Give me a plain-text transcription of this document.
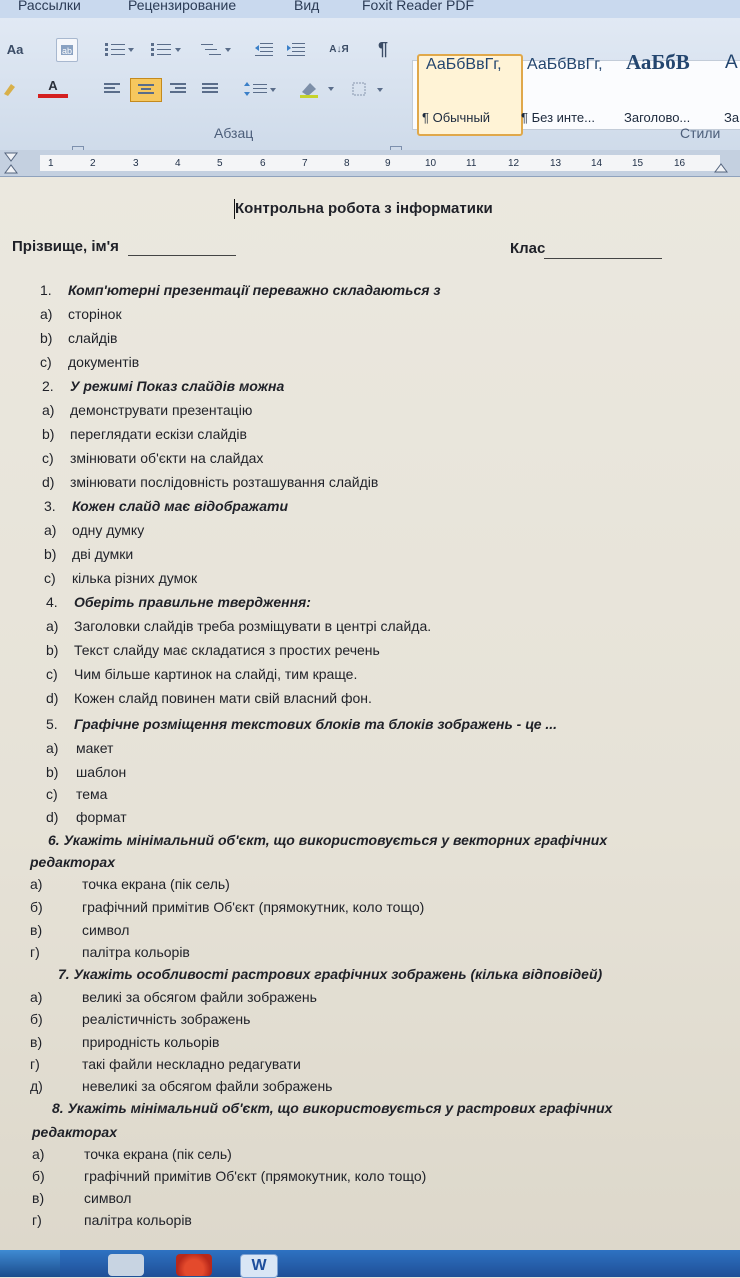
Рассылки	Рецензирование	Вид	Foxit Reader PDF
Aa	ab
A
А↓Я	¶
Абзац
АаБбВвГг,
¶ Обычный
АаБбВвГг,
¶ Без инте...
АаБбВ
Заголово...
А
За
Стили
1	2	3	4	5	6	7	8	9	10	11	12	13	14	15	16
Контрольна робота з інформатики
Прізвище, ім'я	Клас
1. Комп'ютерні презентації переважно складаються з
a) сторінок
b) слайдів
c) документів
2. У режимі Показ слайдів можна
a) демонструвати презентацію
b) переглядати ескізи слайдів
c) змінювати об'єкти на слайдах
d) змінювати послідовність розташування слайдів
3. Кожен слайд має відображати
a) одну думку
b) дві думки
c) кілька різних думок
4. Оберіть правильне твердження:
a) Заголовки слайдів треба розміщувати в центрі слайда.
b) Текст слайду має складатися з простих речень
c) Чим більше картинок на слайді, тим краще.
d) Кожен слайд повинен мати свій власний фон.
5. Графічне розміщення текстових блоків та блоків зображень - це ...
a) макет
b) шаблон
c) тема
d) формат
6. Укажіть мінімальний об'єкт, що використовується у векторних графічних
редакторах
а)	точка екрана (пік сель)
б)	графічний примітив Об'єкт (прямокутник, коло тощо)
в)	символ
г)	палітра кольорів
7. Укажіть особливості растрових графічних зображень (кілька відповідей)
а)	великі за обсягом файли зображень
б)	реалістичність зображень
в)	природність кольорів
г)	такі файли нескладно редагувати
д)	невеликі за обсягом файли зображень
8. Укажіть мінімальний об'єкт, що використовується у растрових графічних
редакторах
а)	точка екрана (пік сель)
б)	графічний примітив Об'єкт (прямокутник, коло тощо)
в)	символ
г)	палітра кольорів
W
